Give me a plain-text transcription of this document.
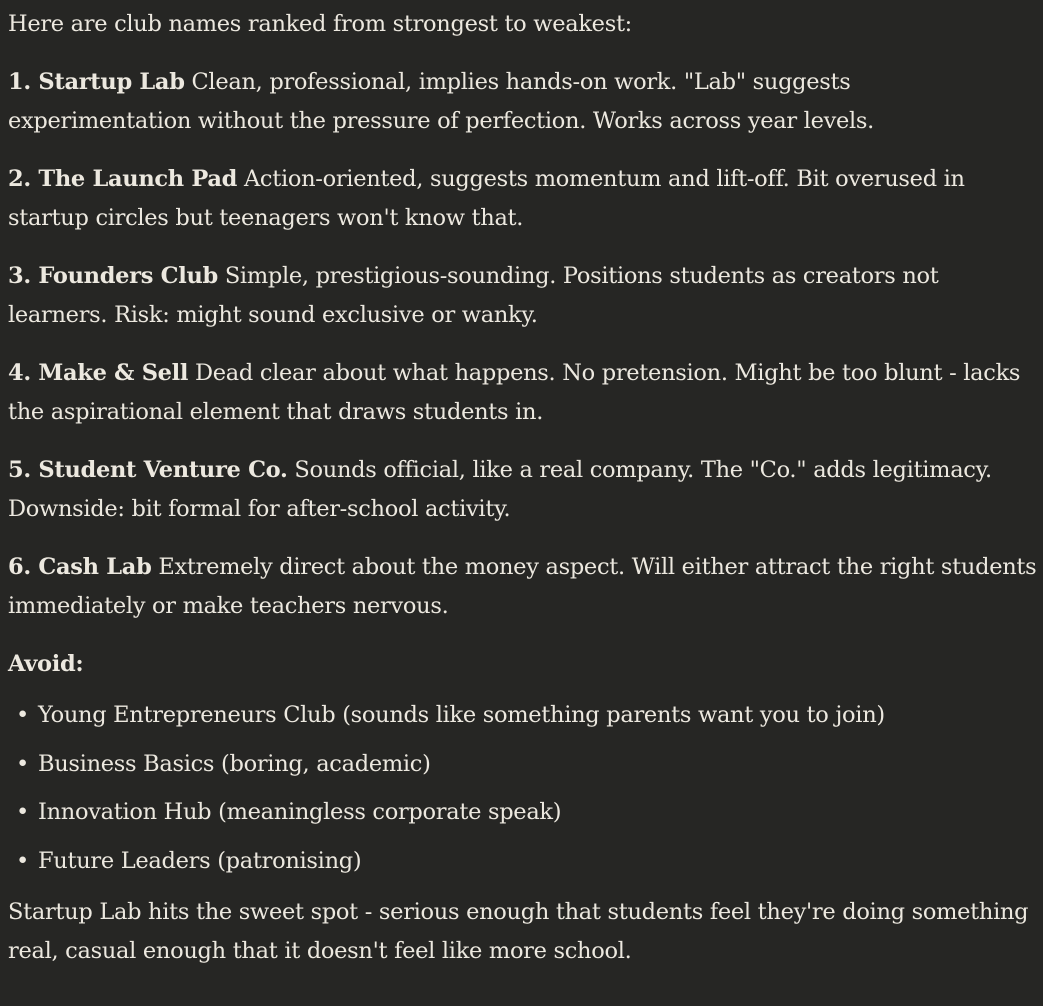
Here are club names ranked from strongest to weakest:

1. Startup Lab Clean, professional, implies hands-on work. "Lab" suggests experimentation without the pressure of perfection. Works across year levels.

2. The Launch Pad Action-oriented, suggests momentum and lift-off. Bit overused in startup circles but teenagers won't know that.

3. Founders Club Simple, prestigious-sounding. Positions students as creators not learners. Risk: might sound exclusive or wanky.

4. Make & Sell Dead clear about what happens. No pretension. Might be too blunt - lacks the aspirational element that draws students in.

5. Student Venture Co. Sounds official, like a real company. The "Co." adds legitimacy. Downside: bit formal for after-school activity.

6. Cash Lab Extremely direct about the money aspect. Will either attract the right students immediately or make teachers nervous.

Avoid:

• Young Entrepreneurs Club (sounds like something parents want you to join)
• Business Basics (boring, academic)
• Innovation Hub (meaningless corporate speak)
• Future Leaders (patronising)

Startup Lab hits the sweet spot - serious enough that students feel they're doing something real, casual enough that it doesn't feel like more school.
